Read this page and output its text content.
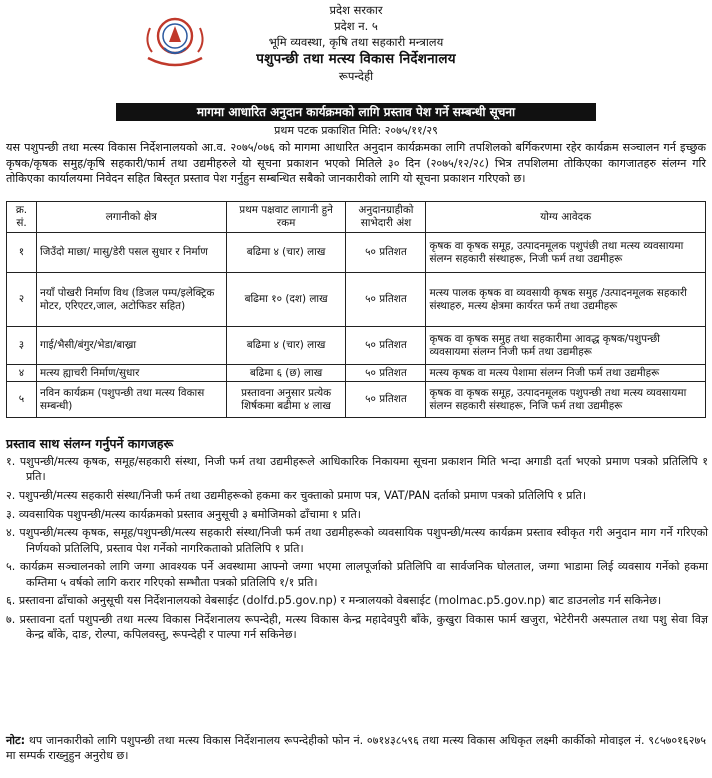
प्रदेश सरकार
प्रदेश न. ५
भूमि व्यवस्था, कृषि तथा सहकारी मन्त्रालय
पशुपन्छी तथा मत्स्य विकास निर्देशनालय
रूपन्देही
मागमा आधारित अनुदान कार्यक्रमको लागि प्रस्ताव पेश गर्ने सम्बन्धी सूचना
प्रथम पटक प्रकाशित मिति: २०७५/११/२९
यस पशुपन्छी तथा मत्स्य विकास निर्देशनालयको आ.व. २०७५/०७६ को मागमा आधारित अनुदान कार्यक्रमका लागि तपशिलको बर्गिकरणमा रहेर कार्यक्रम सञ्चालन गर्न इच्छुक कृषक/कृषक समुह/कृषि सहकारी/फार्म तथा उद्यमीहरुले यो सूचना प्रकाशन भएको मितिले ३० दिन (२०७५/१२/२८) भित्र तपशिलमा तोकिएका कागजातहरु संलग्न गरि तोकिएका कार्यालयमा निवेदन सहित बिस्तृत प्रस्ताव पेश गर्नुहुन सम्बन्धित सबैको जानकारीको लागि यो सूचना प्रकाशन गरिएको छ।
क्र. सं.	लगानीको क्षेत्र	प्रथम पक्षवाट लागानी हुने रकम	अनुदानग्राहीको साभेदारी अंश	योग्य आवेदक
१	जिउँदो माछा/ मासु/डेरी पसल सुधार र निर्माण	बढिमा ४ (चार) लाख	५० प्रतिशत	कृषक वा कृषक समूह, उत्पादनमूलक पशुपंछी तथा मत्स्य व्यवसायमा संलग्न सहकारी संस्थाहरू, निजी फर्म तथा उद्यमीहरू
२	नयाँ पोखरी निर्माण विथ (डिजल पम्प/इलेक्ट्रिक मोटर, एरिएटर,जाल, अटोफिडर सहित)	बढिमा १० (दश) लाख	५० प्रतिशत	मत्स्य पालक कृषक वा व्यवसायी कृषक समुह /उत्पादनमूलक सहकारी संस्थाहरु, मत्स्य क्षेत्रमा कार्यरत फर्म तथा उद्यमीहरू
३	गाई/भैसी/बंगुर/भेडा/बाख्रा	बढिमा ४ (चार) लाख	५० प्रतिशत	कृषक वा कृषक समुह तथा सहकारीमा आवद्ध कृषक/पशुपन्छी व्यवसायमा संलग्न निजी फर्म तथा उद्यमीहरू
४	मत्स्य ह्याचरी निर्माण/सुधार	बढिमा ६ (छ) लाख	५० प्रतिशत	मत्स्य कृषक वा मत्स्य पेशामा संलग्न निजी फर्म तथा उद्यमीहरू
५	नविन कार्यक्रम (पशुपन्छी तथा मत्स्य विकास सम्बन्धी)	प्रस्तावना अनुसार प्रत्येक शिर्षकमा बढीमा ४ लाख	५० प्रतिशत	कृषक वा कृषक समूह, उत्पादनमूलक पशुपन्छी तथा मत्स्य व्यवसायमा संलग्न सहकारी संस्थाहरू, निजि फर्म तथा उद्यमीहरू
प्रस्ताव साथ संलग्न गर्नुपर्ने कागजहरू
१. पशुपन्छी/मत्स्य कृषक, समूह/सहकारी संस्था, निजी फर्म तथा उद्यमीहरूले आधिकारिक निकायमा सूचना प्रकाशन मिति भन्दा अगाडी दर्ता भएको प्रमाण पत्रको प्रतिलिपि १ प्रति।
२. पशुपन्छी/मत्स्य सहकारी संस्था/निजी फर्म तथा उद्यमीहरूको हकमा कर चुक्ताको प्रमाण पत्र, VAT/PAN दर्ताको प्रमाण पत्रको प्रतिलिपि १ प्रति।
३. व्यवसायिक पशुपन्छी/मत्स्य कार्यक्रमको प्रस्ताव अनुसूची ३ बमोजिमको ढाँचामा १ प्रति।
४. पशुपन्छी/मत्स्य कृषक, समूह/पशुपन्छी/मत्स्य सहकारी संस्था/निजी फर्म तथा उद्यमीहरूको व्यवसायिक पशुपन्छी/मत्स्य कार्यक्रम प्रस्ताव स्वीकृत गरी अनुदान माग गर्ने गरिएको निर्णयको प्रतिलिपि, प्रस्ताव पेश गर्नेको नागरिकताको प्रतिलिपि १ प्रति।
५. कार्यक्रम सञ्चालनको लागि जग्गा आवश्यक पर्ने अवस्थामा आफ्नो जग्गा भएमा लालपूर्जाको प्रतिलिपि वा सार्वजनिक घोलताल, जग्गा भाडामा लिई व्यवसाय गर्नेको हकमा कम्तिमा ५ वर्षको लागि करार गरिएको सम्भौता पत्रको प्रतिलिपि १/१ प्रति।
६. प्रस्तावना ढाँचाको अनुसूची यस निर्देशनालयको वेबसाईट (dolfd.p5.gov.np) र मन्त्रालयको वेबसाईट (molmac.p5.gov.np) बाट डाउनलोड गर्न सकिनेछ।
७. प्रस्तावना दर्ता पशुपन्छी तथा मत्स्य विकास निर्देशनालय रूपन्देही, मत्स्य विकास केन्द्र महादेवपुरी बाँके, कुखुरा विकास फार्म खजुरा, भेटेरीनरी अस्पताल तथा पशु सेवा विज्ञ केन्द्र बाँके, दाङ, रोल्पा, कपिलवस्तु, रूपन्देही र पाल्पा गर्न सकिनेछ।
नोट: थप जानकारीको लागि पशुपन्छी तथा मत्स्य विकास निर्देशनालय रूपन्देहीको फोन नं. ०७१४३८५९६ तथा मत्स्य विकास अधिकृत लक्ष्मी कार्कीको मोवाइल नं. ९८५७०१६२७५ मा सम्पर्क राख्नुहुन अनुरोध छ।
